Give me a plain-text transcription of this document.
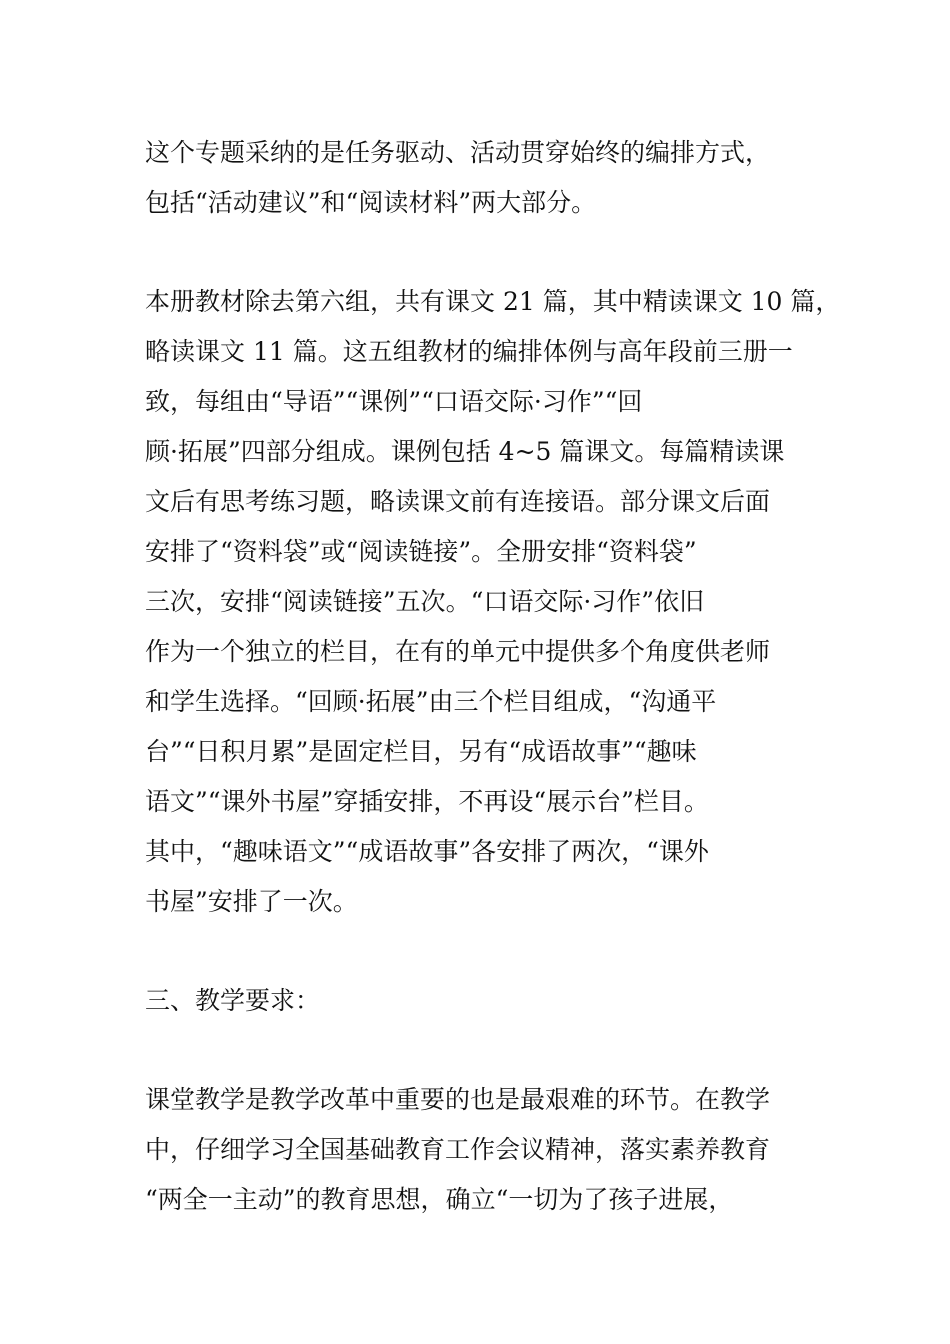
这个专题采纳的是任务驱动、活动贯穿始终的编排方式，
包括“活动建议”和“阅读材料”两大部分。
本册教材除去第六组，共有课文 21 篇，其中精读课文 10 篇，
略读课文 11 篇。这五组教材的编排体例与高年段前三册一
致，每组由“导语”“课例”“口语交际·习作”“回
顾·拓展”四部分组成。课例包括 4~5 篇课文。每篇精读课
文后有思考练习题，略读课文前有连接语。部分课文后面
安排了“资料袋”或“阅读链接”。全册安排“资料袋”
三次，安排“阅读链接”五次。“口语交际·习作”依旧
作为一个独立的栏目，在有的单元中提供多个角度供老师
和学生选择。“回顾·拓展”由三个栏目组成，“沟通平
台”“日积月累”是固定栏目，另有“成语故事”“趣味
语文”“课外书屋”穿插安排，不再设“展示台”栏目。
其中，“趣味语文”“成语故事”各安排了两次，“课外
书屋”安排了一次。
三、教学要求：
课堂教学是教学改革中重要的也是最艰难的环节。在教学
中，仔细学习全国基础教育工作会议精神，落实素养教育
“两全一主动”的教育思想，确立“一切为了孩子进展，
